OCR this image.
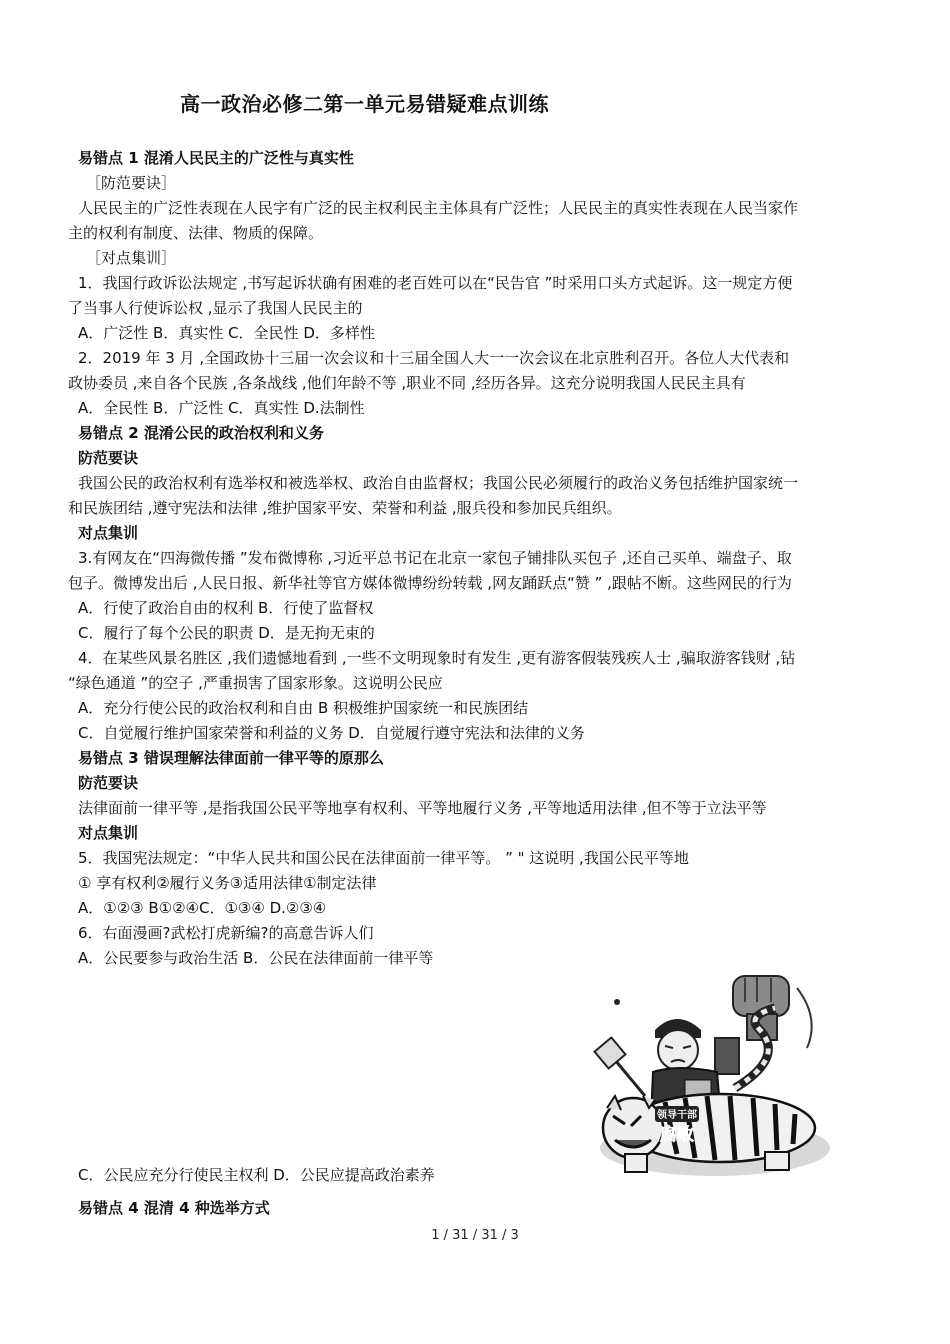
高一政治必修二第一单元易错疑难点训练
易错点 1 混淆人民民主的广泛性与真实性
［防范要诀］
人民民主的广泛性表现在人民字有广泛的民主权利民主主体具有广泛性；人民民主的真实性表现在人民当家作
主的权利有制度、法律、物质的保障。
［对点集训］
1．我国行政诉讼法规定 ,书写起诉状确有困难的老百姓可以在“民告官 ”时采用口头方式起诉。这一规定方便
了当事人行使诉讼权 ,显示了我国人民民主的
A．广泛性 B．真实性 C．全民性 D．多样性
2．2019 年 3 月 ,全国政协十三届一次会议和十三届全国人大一一次会议在北京胜利召开。各位人大代表和
政协委员 ,来自各个民族 ,各条战线 ,他们年龄不等 ,职业不同 ,经历各异。这充分说明我国人民民主具有
A．全民性 B．广泛性 C．真实性 D.法制性
易错点 2 混淆公民的政治权利和义务
防范要诀
我国公民的政治权利有选举权和被选举权、政治自由监督权；我国公民必须履行的政治义务包括维护国家统一
和民族团结 ,遵守宪法和法律 ,维护国家平安、荣誉和利益 ,服兵役和参加民兵组织。
对点集训
3.有网友在“四海微传播 ”发布微博称 ,习近平总书记在北京一家包子铺排队买包子 ,还自己买单、端盘子、取
包子。微博发出后 ,人民日报、新华社等官方媒体微博纷纷转载 ,网友踊跃点“赞 ” ,跟帖不断。这些网民的行为
A．行使了政治自由的权利 B．行使了监督权
C．履行了每个公民的职责 D．是无拘无束的
4．在某些风景名胜区 ,我们遗憾地看到 ,一些不文明现象时有发生 ,更有游客假装残疾人士 ,骗取游客钱财 ,钻
“绿色通道 ”的空子 ,严重损害了国家形象。这说明公民应
A．充分行使公民的政治权利和自由 B 积极维护国家统一和民族团结
C．自觉履行维护国家荣誉和利益的义务 D．自觉履行遵守宪法和法律的义务
易错点 3 错误理解法律面前一律平等的原那么
防范要诀
法律面前一律平等 ,是指我国公民平等地享有权利、平等地履行义务 ,平等地适用法律 ,但不等于立法平等
对点集训
5．我国宪法规定：“中华人民共和国公民在法律面前一律平等。 ” " 这说明 ,我国公民平等地
① 享有权利②履行义务③适用法律①制定法律
A．①②③ B①②④C．①③④ D.②③④
6．右面漫画?武松打虎新编?的高意告诉人们
A．公民要参与政治生活 B．公民在法律面前一律平等
C．公民应充分行使民主权利 D．公民应提高政治素养
易错点 4 混清 4 种选举方式
领导干部
腐败
1 / 31 / 31 / 3
